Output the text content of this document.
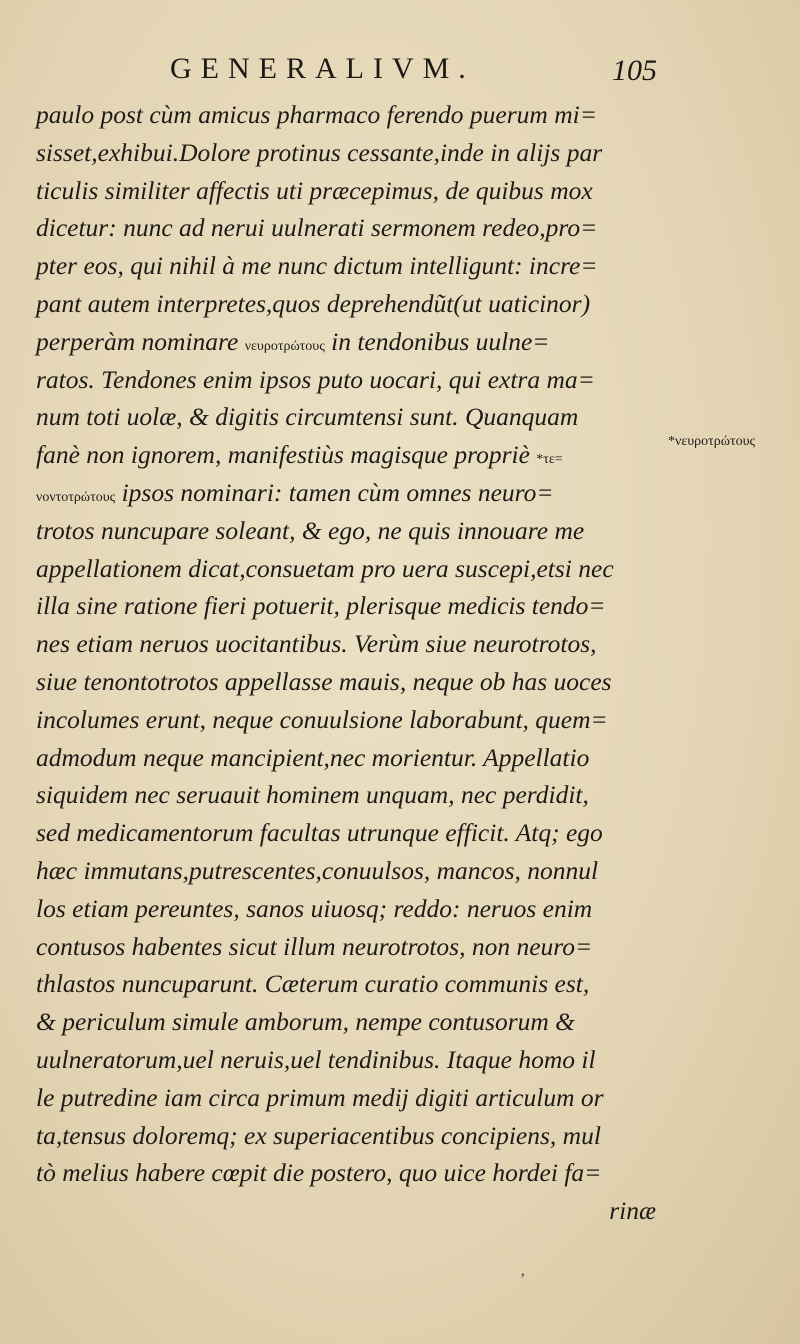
GENERALIVM.	105
paulo post cùm amicus pharmaco ferendo puerum mi=
sisset,exhibui.Dolore protinus cessante,inde in alijs par
ticulis similiter affectis uti præcepimus, de quibus mox
dicetur: nunc ad nerui uulnerati sermonem redeo,pro=
pter eos, qui nihil à me nunc dictum intelligunt: incre=
pant autem interpretes,quos deprehendũt(ut uaticinor)
perperàm nominare νευροτρώτους in tendonibus uulne=
ratos. Tendones enim ipsos puto uocari, qui extra ma=
num toti uolæ, & digitis circumtensi sunt. Quanquam
fanè non ignorem, manifestiùs magisque propriè *τε=
νοντοτρώτους ipsos nominari: tamen cùm omnes neuro=
trotos nuncupare soleant, & ego, ne quis innouare me
appellationem dicat,consuetam pro uera suscepi,etsi nec
illa sine ratione fieri potuerit, plerisque medicis tendo=
nes etiam neruos uocitantibus. Verùm siue neurotrotos,
siue tenontotrotos appellasse mauis, neque ob has uoces
incolumes erunt, neque conuulsione laborabunt, quem=
admodum neque mancipient,nec morientur. Appellatio
siquidem nec seruauit hominem unquam, nec perdidit,
sed medicamentorum facultas utrunque efficit. Atq; ego
hæc immutans,putrescentes,conuulsos, mancos, nonnul
los etiam pereuntes, sanos uiuosq; reddo: neruos enim
contusos habentes sicut illum neurotrotos, non neuro=
thlastos nuncuparunt. Cæterum curatio communis est,
& periculum simule amborum, nempe contusorum &
uulneratorum,uel neruis,uel tendinibus. Itaque homo il
le putredine iam circa primum medij digiti articulum or
ta,tensus doloremq; ex superiacentibus concipiens, mul
tò melius habere cœpit die postero, quo uice hordei fa=
rinæ
*νευροτρώτους
‚
